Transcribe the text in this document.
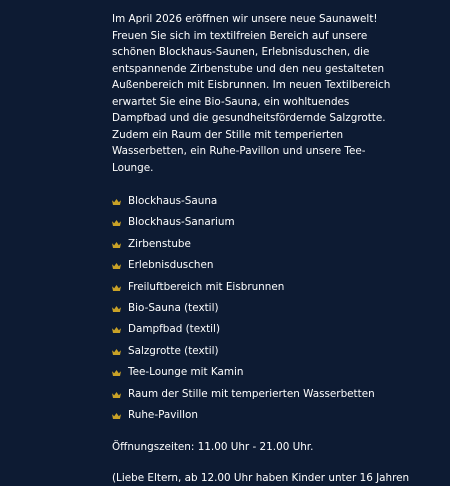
Im April 2026 eröffnen wir unsere neue Saunawelt! Freuen Sie sich im textilfreien Bereich auf unsere schönen Blockhaus-Saunen, Erlebnisduschen, die entspannende Zirbenstube und den neu gestalteten Außenbereich mit Eisbrunnen. Im neuen Textilbereich erwartet Sie eine Bio-Sauna, ein wohltuendes Dampfbad und die gesundheitsfördernde Salzgrotte. Zudem ein Raum der Stille mit temperierten Wasserbetten, ein Ruhe-Pavillon und unsere Tee-Lounge.

Blockhaus-Sauna
Blockhaus-Sanarium
Zirbenstube
Erlebnisduschen
Freiluftbereich mit Eisbrunnen
Bio-Sauna (textil)
Dampfbad (textil)
Salzgrotte (textil)
Tee-Lounge mit Kamin
Raum der Stille mit temperierten Wasserbetten
Ruhe-Pavillon

Öffnungszeiten: 11.00 Uhr - 21.00 Uhr.

(Liebe Eltern, ab 12.00 Uhr haben Kinder unter 16 Jahren
